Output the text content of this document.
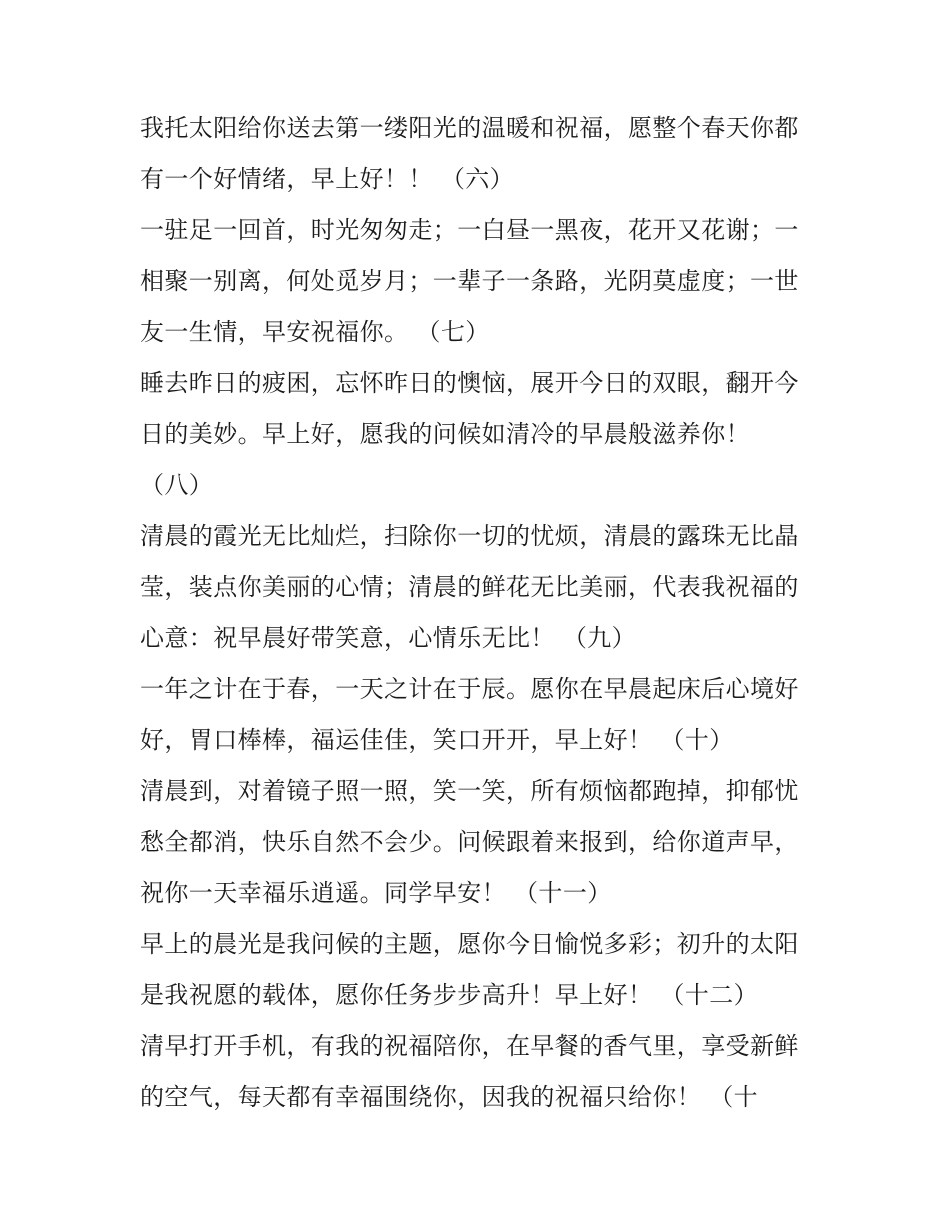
我托太阳给你送去第一缕阳光的温暖和祝福，愿整个春天你都
有一个好情绪，早上好！！ （六）
一驻足一回首，时光匆匆走；一白昼一黑夜，花开又花谢；一
相聚一别离，何处觅岁月；一辈子一条路，光阴莫虚度；一世
友一生情，早安祝福你。 （七）
睡去昨日的疲困，忘怀昨日的懊恼，展开今日的双眼，翻开今
日的美妙。早上好，愿我的问候如清冷的早晨般滋养你！
（八）
清晨的霞光无比灿烂，扫除你一切的忧烦，清晨的露珠无比晶
莹，装点你美丽的心情；清晨的鲜花无比美丽，代表我祝福的
心意：祝早晨好带笑意，心情乐无比！ （九）
一年之计在于春，一天之计在于辰。愿你在早晨起床后心境好
好，胃口棒棒，福运佳佳，笑口开开，早上好！ （十）
清晨到，对着镜子照一照，笑一笑，所有烦恼都跑掉，抑郁忧
愁全都消，快乐自然不会少。问候跟着来报到，给你道声早，
祝你一天幸福乐逍遥。同学早安！ （十一）
早上的晨光是我问候的主题，愿你今日愉悦多彩；初升的太阳
是我祝愿的载体，愿你任务步步高升！早上好！ （十二）
清早打开手机，有我的祝福陪你，在早餐的香气里，享受新鲜
的空气，每天都有幸福围绕你，因我的祝福只给你！ （十
